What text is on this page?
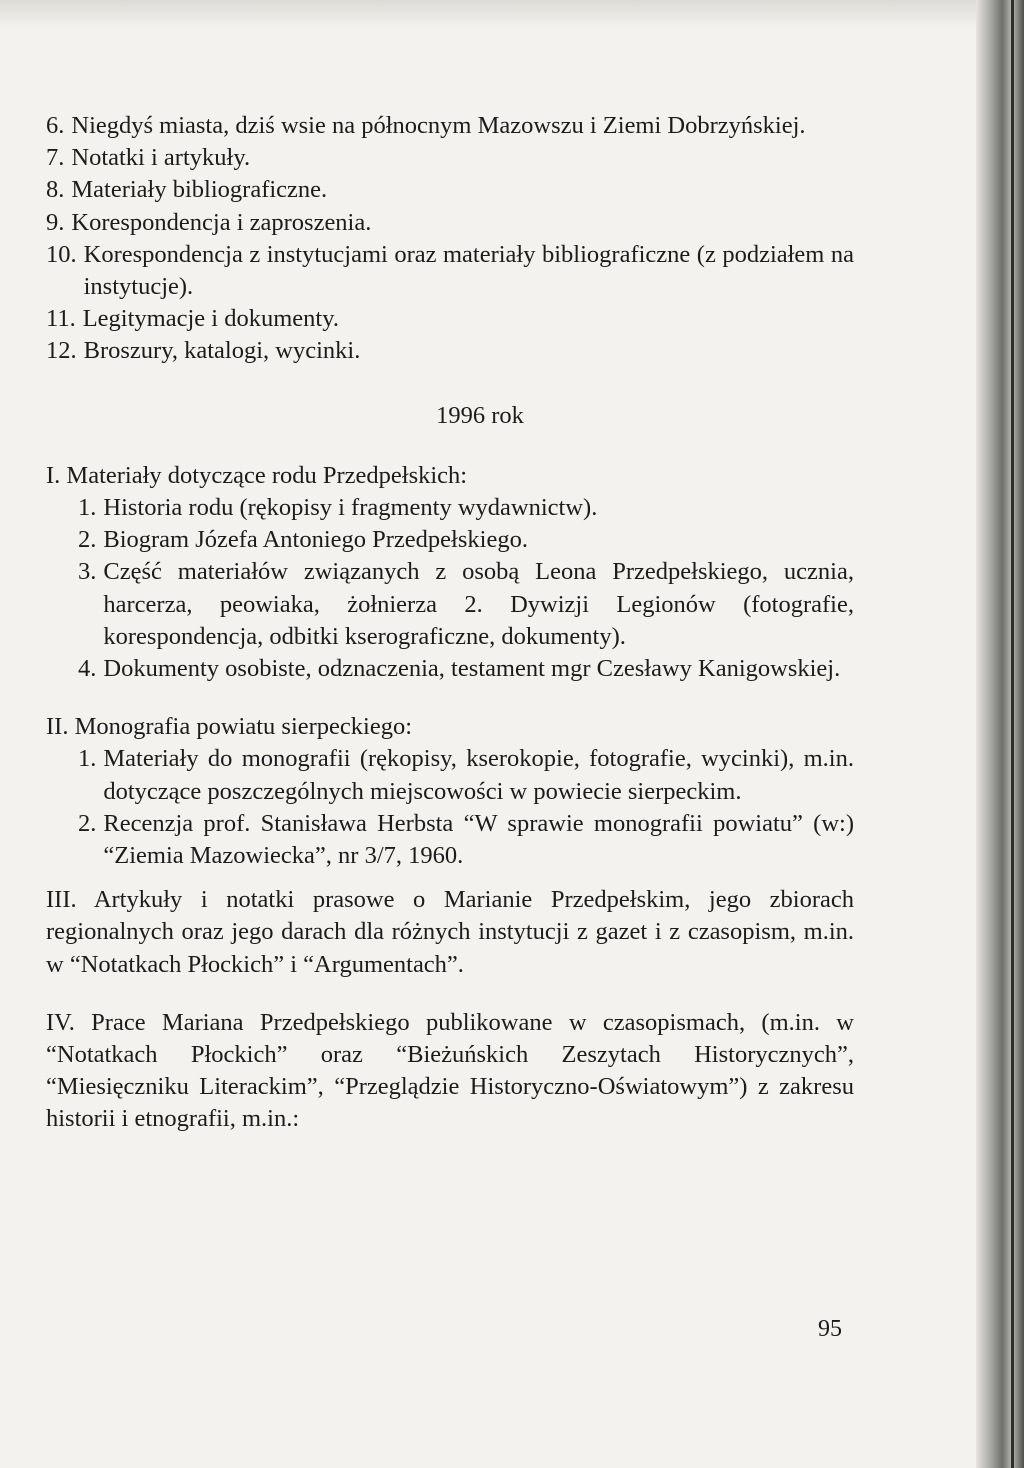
6. Niegdyś miasta, dziś wsie na północnym Mazowszu i Ziemi Dobrzyńskiej.
7. Notatki i artykuły.
8. Materiały bibliograficzne.
9. Korespondencja i zaproszenia.
10. Korespondencja z instytucjami oraz materiały bibliograficzne (z podziałem na instytucje).
11. Legitymacje i dokumenty.
12. Broszury, katalogi, wycinki.

1996 rok

I. Materiały dotyczące rodu Przedpełskich:

1. Historia rodu (rękopisy i fragmenty wydawnictw).
2. Biogram Józefa Antoniego Przedpełskiego.
3. Część materiałów związanych z osobą Leona Przedpełskiego, ucznia, harcerza, peowiaka, żołnierza 2. Dywizji Legionów (fotografie, korespondencja, odbitki kserograficzne, dokumenty).
4. Dokumenty osobiste, odznaczenia, testament mgr Czesławy Kanigowskiej.

II. Monografia powiatu sierpeckiego:

1. Materiały do monografii (rękopisy, kserokopie, fotografie, wycinki), m.in. dotyczące poszczególnych miejscowości w powiecie sierpeckim.
2. Recenzja prof. Stanisława Herbsta “W sprawie monografii powiatu” (w:) “Ziemia Mazowiecka”, nr 3/7, 1960.

III. Artykuły i notatki prasowe o Marianie Przedpełskim, jego zbiorach regionalnych oraz jego darach dla różnych instytucji z gazet i z czasopism, m.in. w “Notatkach Płockich” i “Argumentach”.

IV. Prace Mariana Przedpełskiego publikowane w czasopismach, (m.in. w “Notatkach Płockich” oraz “Bieżuńskich Zeszytach Historycznych”, “Miesięczniku Literackim”, “Przeglądzie Historyczno-Oświatowym”) z zakresu historii i etnografii, m.in.:

95
